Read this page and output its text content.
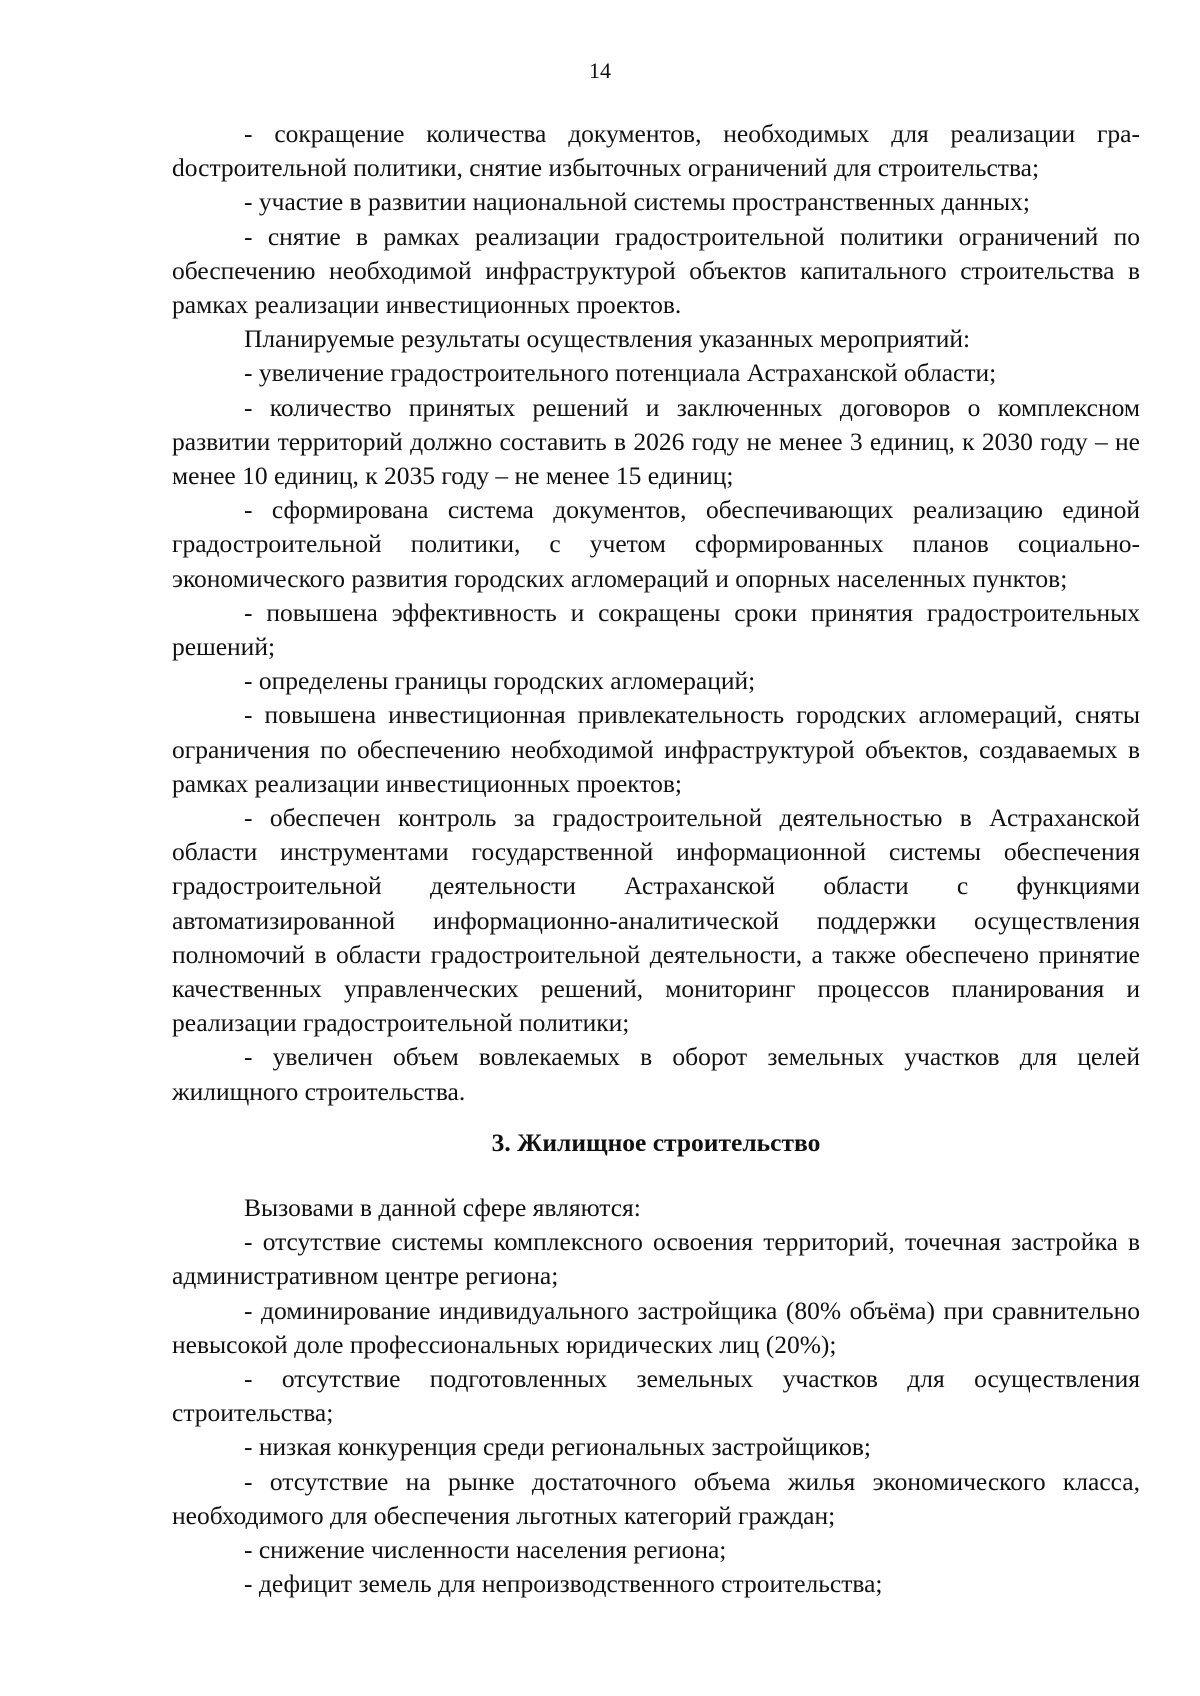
14

- сокращение количества документов, необходимых для реализации граdостроительной политики, снятие избыточных ограничений для строительства;

- участие в развитии национальной системы пространственных данных;

- снятие в рамках реализации градостроительной политики ограничений по обеспечению необходимой инфраструктурой объектов капитального строительства в рамках реализации инвестиционных проектов.

Планируемые результаты осуществления указанных мероприятий:

- увеличение градостроительного потенциала Астраханской области;

- количество принятых решений и заключенных договоров о комплексном развитии территорий должно составить в 2026 году не менее 3 единиц, к 2030 году – не менее 10 единиц, к 2035 году – не менее 15 единиц;

- сформирована система документов, обеспечивающих реализацию единой градостроительной политики, с учетом сформированных планов социально-экономического развития городских агломераций и опорных населенных пунктов;

- повышена эффективность и сокращены сроки принятия градостроительных решений;

- определены границы городских агломераций;

- повышена инвестиционная привлекательность городских агломераций, сняты ограничения по обеспечению необходимой инфраструктурой объектов, создаваемых в рамках реализации инвестиционных проектов;

- обеспечен контроль за градостроительной деятельностью в Астраханской области инструментами государственной информационной системы обеспечения градостроительной деятельности Астраханской области с функциями автоматизированной информационно-аналитической поддержки осуществления полномочий в области градостроительной деятельности, а также обеспечено принятие качественных управленческих решений, мониторинг процессов планирования и реализации градостроительной политики;

- увеличен объем вовлекаемых в оборот земельных участков для целей жилищного строительства.

3. Жилищное строительство

Вызовами в данной сфере являются:

- отсутствие системы комплексного освоения территорий, точечная застройка в административном центре региона;

- доминирование индивидуального застройщика (80% объёма) при сравнительно невысокой доле профессиональных юридических лиц (20%);

- отсутствие подготовленных земельных участков для осуществления строительства;

- низкая конкуренция среди региональных застройщиков;

- отсутствие на рынке достаточного объема жилья экономического класса, необходимого для обеспечения льготных категорий граждан;

- снижение численности населения региона;

- дефицит земель для непроизводственного строительства;
